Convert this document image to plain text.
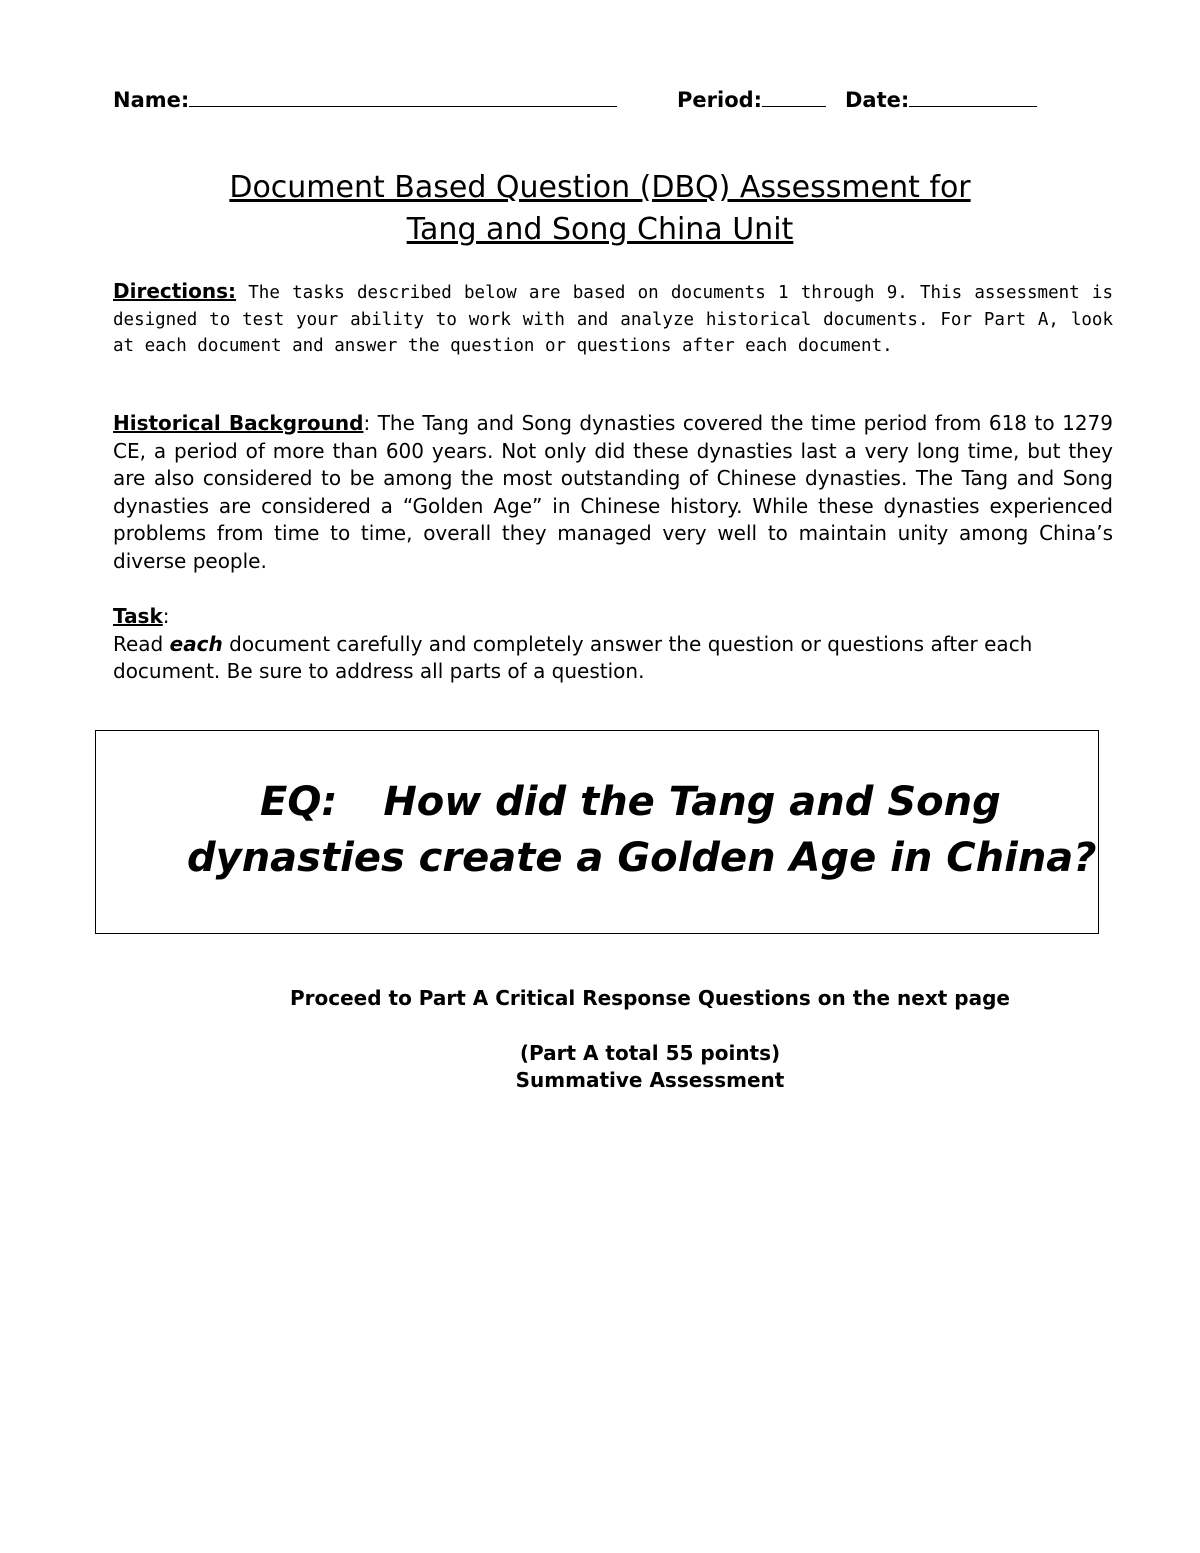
Name:	Period:	Date:
Document Based Question (DBQ) Assessment for
Tang and Song China Unit
Directions: The tasks described below are based on documents 1 through 9. This assessment is designed to test your ability to work with and analyze historical documents. For Part A, look at each document and answer the question or questions after each document.
Historical Background: The Tang and Song dynasties covered the time period from 618 to 1279 CE, a period of more than 600 years. Not only did these dynasties last a very long time, but they are also considered to be among the most outstanding of Chinese dynasties. The Tang and Song dynasties are considered a “Golden Age” in Chinese history. While these dynasties experienced problems from time to time, overall they managed very well to maintain unity among China’s diverse people.
Task:
Read each document carefully and completely answer the question or questions after each document. Be sure to address all parts of a question.
EQ: How did the Tang and Song
dynasties create a Golden Age in China?
Proceed to Part A Critical Response Questions on the next page
(Part A total 55 points)
Summative Assessment
